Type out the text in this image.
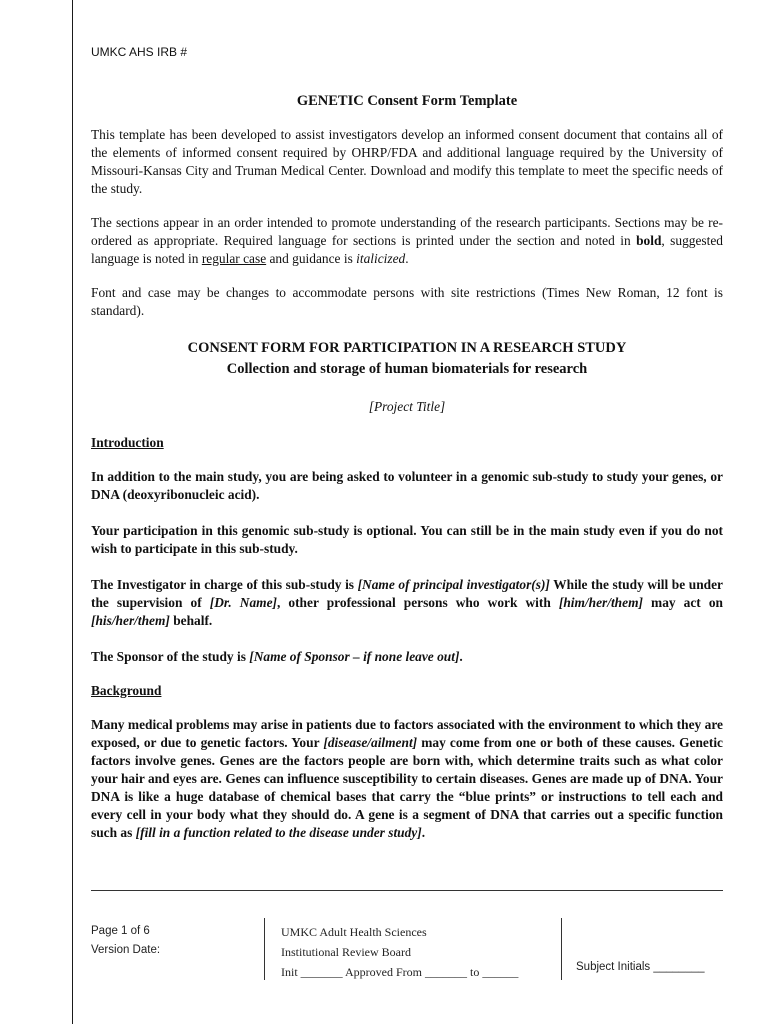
UMKC AHS IRB #

GENETIC Consent Form Template

This template has been developed to assist investigators develop an informed consent document that contains all of the elements of informed consent required by OHRP/FDA and additional language required by the University of Missouri-Kansas City and Truman Medical Center. Download and modify this template to meet the specific needs of the study.

The sections appear in an order intended to promote understanding of the research participants. Sections may be re-ordered as appropriate. Required language for sections is printed under the section and noted in bold, suggested language is noted in regular case and guidance is italicized.

Font and case may be changes to accommodate persons with site restrictions (Times New Roman, 12 font is standard).

CONSENT FORM FOR PARTICIPATION IN A RESEARCH STUDY

Collection and storage of human biomaterials for research

[Project Title]

Introduction

In addition to the main study, you are being asked to volunteer in a genomic sub-study to study your genes, or DNA (deoxyribonucleic acid).

Your participation in this genomic sub-study is optional. You can still be in the main study even if you do not wish to participate in this sub-study.

The Investigator in charge of this sub-study is [Name of principal investigator(s)] While the study will be under the supervision of [Dr. Name], other professional persons who work with [him/her/them] may act on [his/her/them] behalf.

The Sponsor of the study is [Name of Sponsor – if none leave out].

Background

Many medical problems may arise in patients due to factors associated with the environment to which they are exposed, or due to genetic factors. Your [disease/ailment] may come from one or both of these causes. Genetic factors involve genes. Genes are the factors people are born with, which determine traits such as what color your hair and eyes are. Genes can influence susceptibility to certain diseases. Genes are made up of DNA. Your DNA is like a huge database of chemical bases that carry the “blue prints” or instructions to tell each and every cell in your body what they should do. A gene is a segment of DNA that carries out a specific function such as [fill in a function related to the disease under study].

Page 1 of 6
Version Date:
UMKC Adult Health Sciences
Institutional Review Board
Init _______ Approved From _______ to ______	Subject Initials ________
